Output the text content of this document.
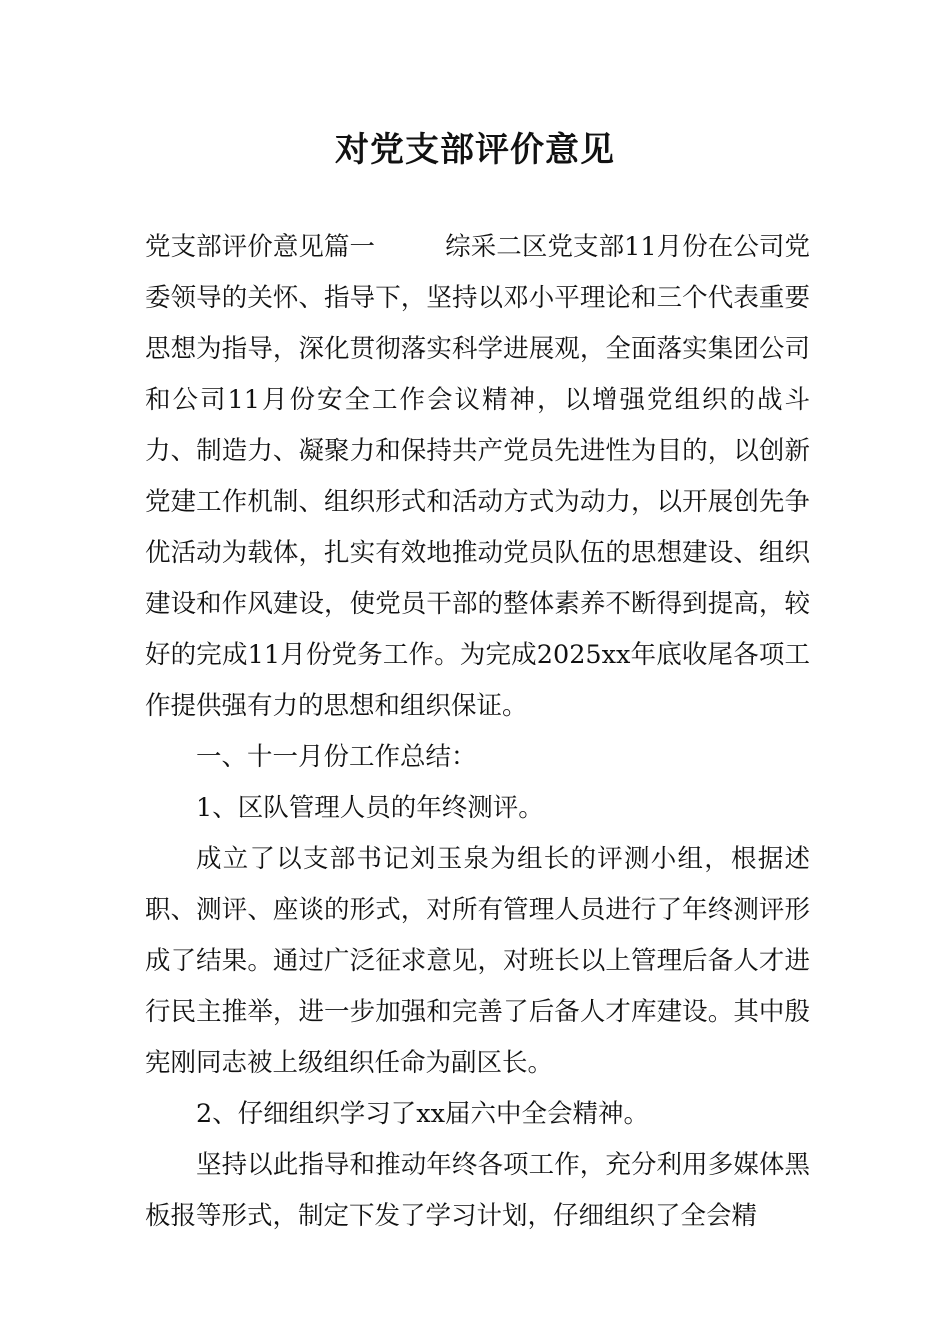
对党支部评价意见

党支部评价意见篇一	综采二区党支部11月份在公司党委领导的关怀、指导下，坚持以邓小平理论和三个代表重要思想为指导，深化贯彻落实科学进展观，全面落实集团公司和公司11月份安全工作会议精神，以增强党组织的战斗力、制造力、凝聚力和保持共产党员先进性为目的，以创新党建工作机制、组织形式和活动方式为动力，以开展创先争优活动为载体，扎实有效地推动党员队伍的思想建设、组织建设和作风建设，使党员干部的整体素养不断得到提高，较好的完成11月份党务工作。为完成2025xx年底收尾各项工作提供强有力的思想和组织保证。

一、十一月份工作总结：

1、区队管理人员的年终测评。

成立了以支部书记刘玉泉为组长的评测小组，根据述职、测评、座谈的形式，对所有管理人员进行了年终测评形成了结果。通过广泛征求意见，对班长以上管理后备人才进行民主推举，进一步加强和完善了后备人才库建设。其中殷宪刚同志被上级组织任命为副区长。

2、仔细组织学习了xx届六中全会精神。

坚持以此指导和推动年终各项工作，充分利用多媒体黑板报等形式，制定下发了学习计划，仔细组织了全会精
